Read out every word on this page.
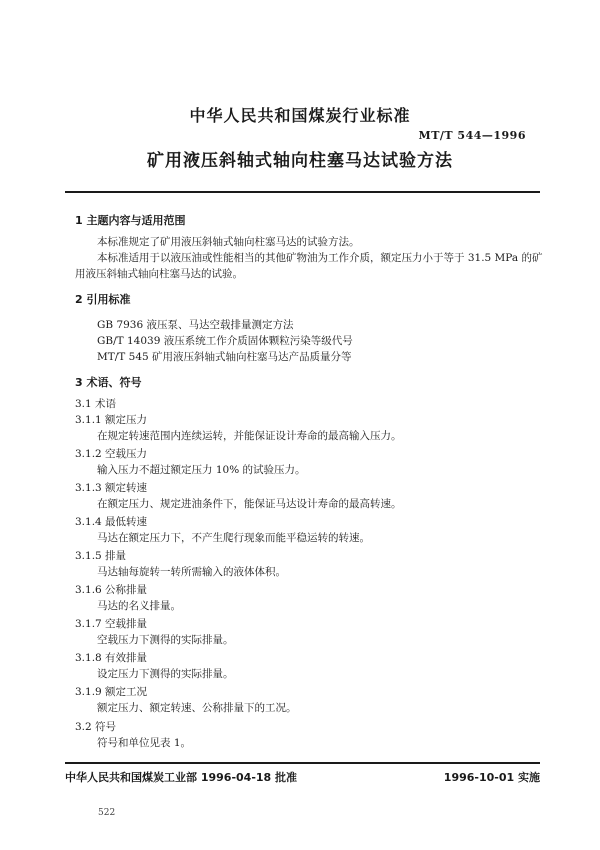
中华人民共和国煤炭行业标准
MT/T 544—1996
矿用液压斜轴式轴向柱塞马达试验方法
1 主题内容与适用范围
本标准规定了矿用液压斜轴式轴向柱塞马达的试验方法。
本标准适用于以液压油或性能相当的其他矿物油为工作介质，额定压力小于等于 31.5 MPa 的矿
用液压斜轴式轴向柱塞马达的试验。
2 引用标准
GB 7936 液压泵、马达空载排量测定方法
GB/T 14039 液压系统工作介质固体颗粒污染等级代号
MT/T 545 矿用液压斜轴式轴向柱塞马达产品质量分等
3 术语、符号
3.1 术语
3.1.1 额定压力
在规定转速范围内连续运转，并能保证设计寿命的最高输入压力。
3.1.2 空载压力
输入压力不超过额定压力 10% 的试验压力。
3.1.3 额定转速
在额定压力、规定进油条件下，能保证马达设计寿命的最高转速。
3.1.4 最低转速
马达在额定压力下，不产生爬行现象而能平稳运转的转速。
3.1.5 排量
马达轴每旋转一转所需输入的液体体积。
3.1.6 公称排量
马达的名义排量。
3.1.7 空载排量
空载压力下测得的实际排量。
3.1.8 有效排量
设定压力下测得的实际排量。
3.1.9 额定工况
额定压力、额定转速、公称排量下的工况。
3.2 符号
符号和单位见表 1。
中华人民共和国煤炭工业部 1996-04-18 批准	1996-10-01 实施
522
